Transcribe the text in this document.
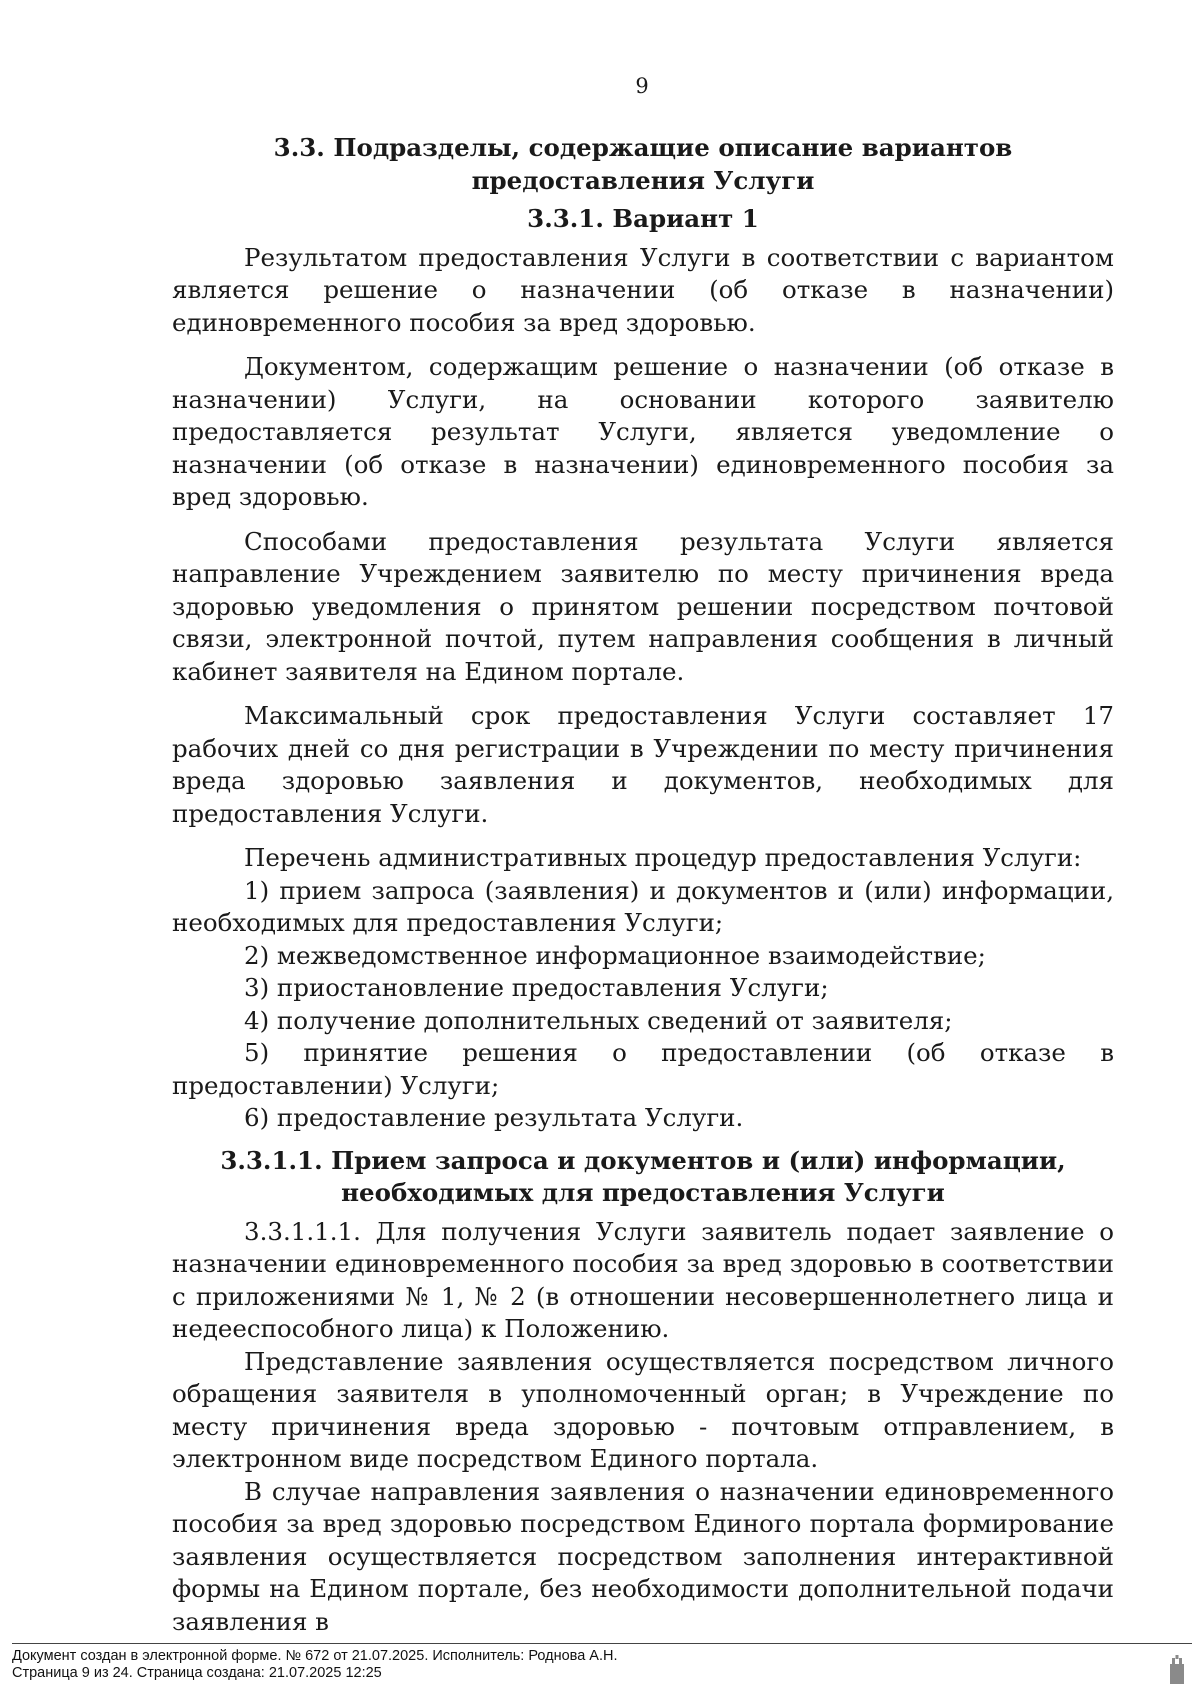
9
3.3. Подразделы, содержащие описание вариантов предоставления Услуги
3.3.1. Вариант 1

Результатом предоставления Услуги в соответствии с вариантом является решение о назначении (об отказе в назначении) единовременного пособия за вред здоровью.

Документом, содержащим решение о назначении (об отказе в назначении) Услуги, на основании которого заявителю предоставляется результат Услуги, является уведомление о назначении (об отказе в назначении) единовременного пособия за вред здоровью.

Способами предоставления результата Услуги является направление Учреждением заявителю по месту причинения вреда здоровью уведомления о принятом решении посредством почтовой связи, электронной почтой, путем направления сообщения в личный кабинет заявителя на Едином портале.

Максимальный срок предоставления Услуги составляет 17 рабочих дней со дня регистрации в Учреждении по месту причинения вреда здоровью заявления и документов, необходимых для предоставления Услуги.

Перечень административных процедур предоставления Услуги:

1) прием запроса (заявления) и документов и (или) информации, необходимых для предоставления Услуги;

2) межведомственное информационное взаимодействие;

3) приостановление предоставления Услуги;

4) получение дополнительных сведений от заявителя;

5) принятие решения о предоставлении (об отказе в предоставлении) Услуги;

6) предоставление результата Услуги.

3.3.1.1. Прием запроса и документов и (или) информации, необходимых для предоставления Услуги

3.3.1.1.1. Для получения Услуги заявитель подает заявление о назначении единовременного пособия за вред здоровью в соответствии с приложениями № 1, № 2 (в отношении несовершеннолетнего лица и недееспособного лица) к Положению.

Представление заявления осуществляется посредством личного обращения заявителя в уполномоченный орган; в Учреждение по месту причинения вреда здоровью - почтовым отправлением, в электронном виде посредством Единого портала.

В случае направления заявления о назначении единовременного пособия за вред здоровью посредством Единого портала формирование заявления осуществляется посредством заполнения интерактивной формы на Едином портале, без необходимости дополнительной подачи заявления в

Документ создан в электронной форме. № 672 от 21.07.2025. Исполнитель: Роднова А.Н.
Страница 9 из 24. Страница создана: 21.07.2025 12:25
